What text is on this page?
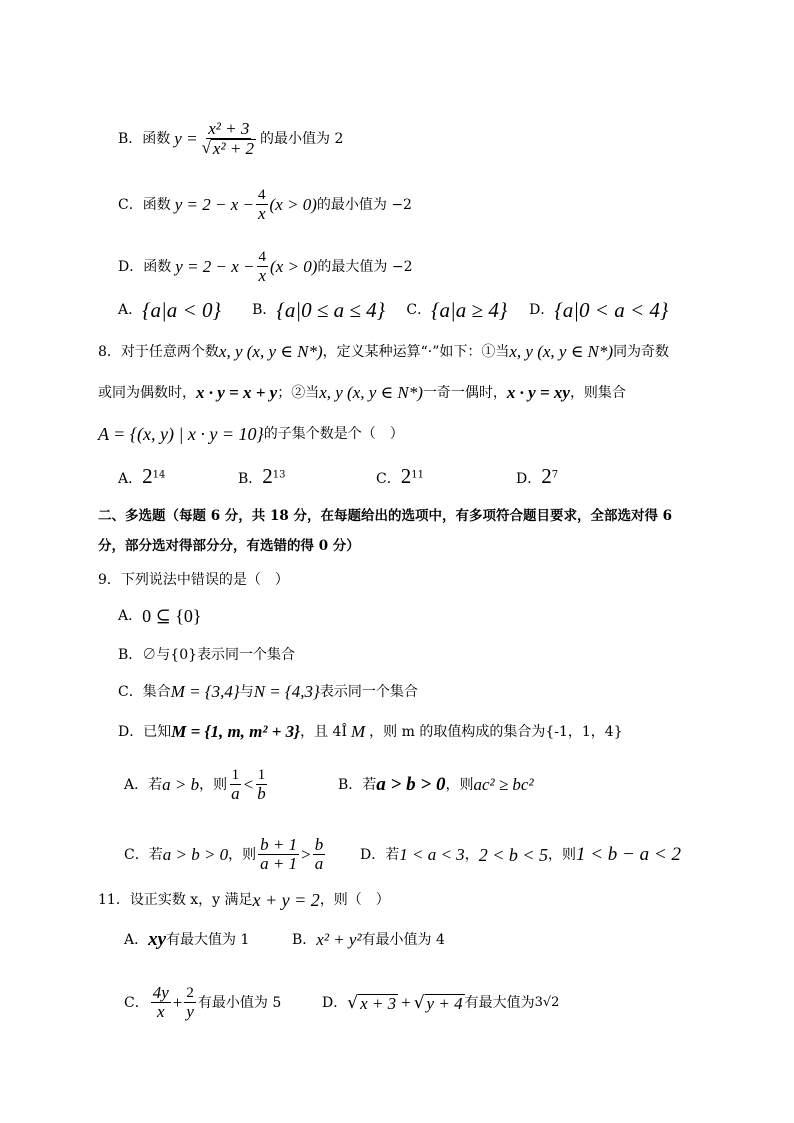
B．函数 $y = \frac{\text{x² + 3}}{\text{√ x² + 2}}$ 的最小值为 2
C．函数 $y = 2 - x - \frac{4}{x} (x > 0)$ 的最小值为 −2
D．函数 $y = 2 - x - \frac{4}{x} (x > 0)$ 的最大值为 −2
A． {a|a < 0}	B． {a|0 ≤ a ≤ 4}	C． {a|a ≥ 4}	D． {a|0 < a < 4}
8．对于任意两个数 x, y (x, y ∈ N*) ，定义某种运算“·”如下：①当 x, y (x, y ∈ N*) 同为奇数
或同为偶数时， x · y = x + y ；②当 x, y (x, y ∈ N*) 一奇一偶时， x · y = xy ，则集合
A = {(x, y) | x · y = 10} 的子集个数是个（　）
A．$2^{14}$	B．$2^{13}$	C．$2^{11}$	D．$2^7$
二、多选题（每题 6 分，共 18 分，在每题给出的选项中，有多项符合题目要求，全部选对得 6
分，部分选对得部分分，有选错的得 0 分）
9．下列说法中错误的是（　）
A． 0 ⊆ {0}
B． ∅与{0}表示同一个集合
C．集合 M = {3,4} 与 N = {4,3} 表示同一个集合
D．已知 M = {1, m, m² + 3} ，且 4Î M ，则 m 的取值构成的集合为{-1，1，4}
A．若 a > b ，则 $\frac{1}{a} < \frac{1}{b}$	B．若 a > b > 0 ，则 ac² ≥ bc²
C．若 a > b > 0 ，则 $\frac{b + 1}{a + 1} > \frac{b}{a}$ D．若 1 < a < 3 ， 2 < b < 5 ，则 1 < b − a < 2
11．设正实数 x，y 满足 x + y = 2 ，则（　）
A． xy 有最大值为 1	B． x² + y² 有最小值为 4
C． $\frac{4y}{x} + \frac{2}{y}$ 有最小值为 5	D． √ x + 3 + √ y + 4 有最大值为 3√2
